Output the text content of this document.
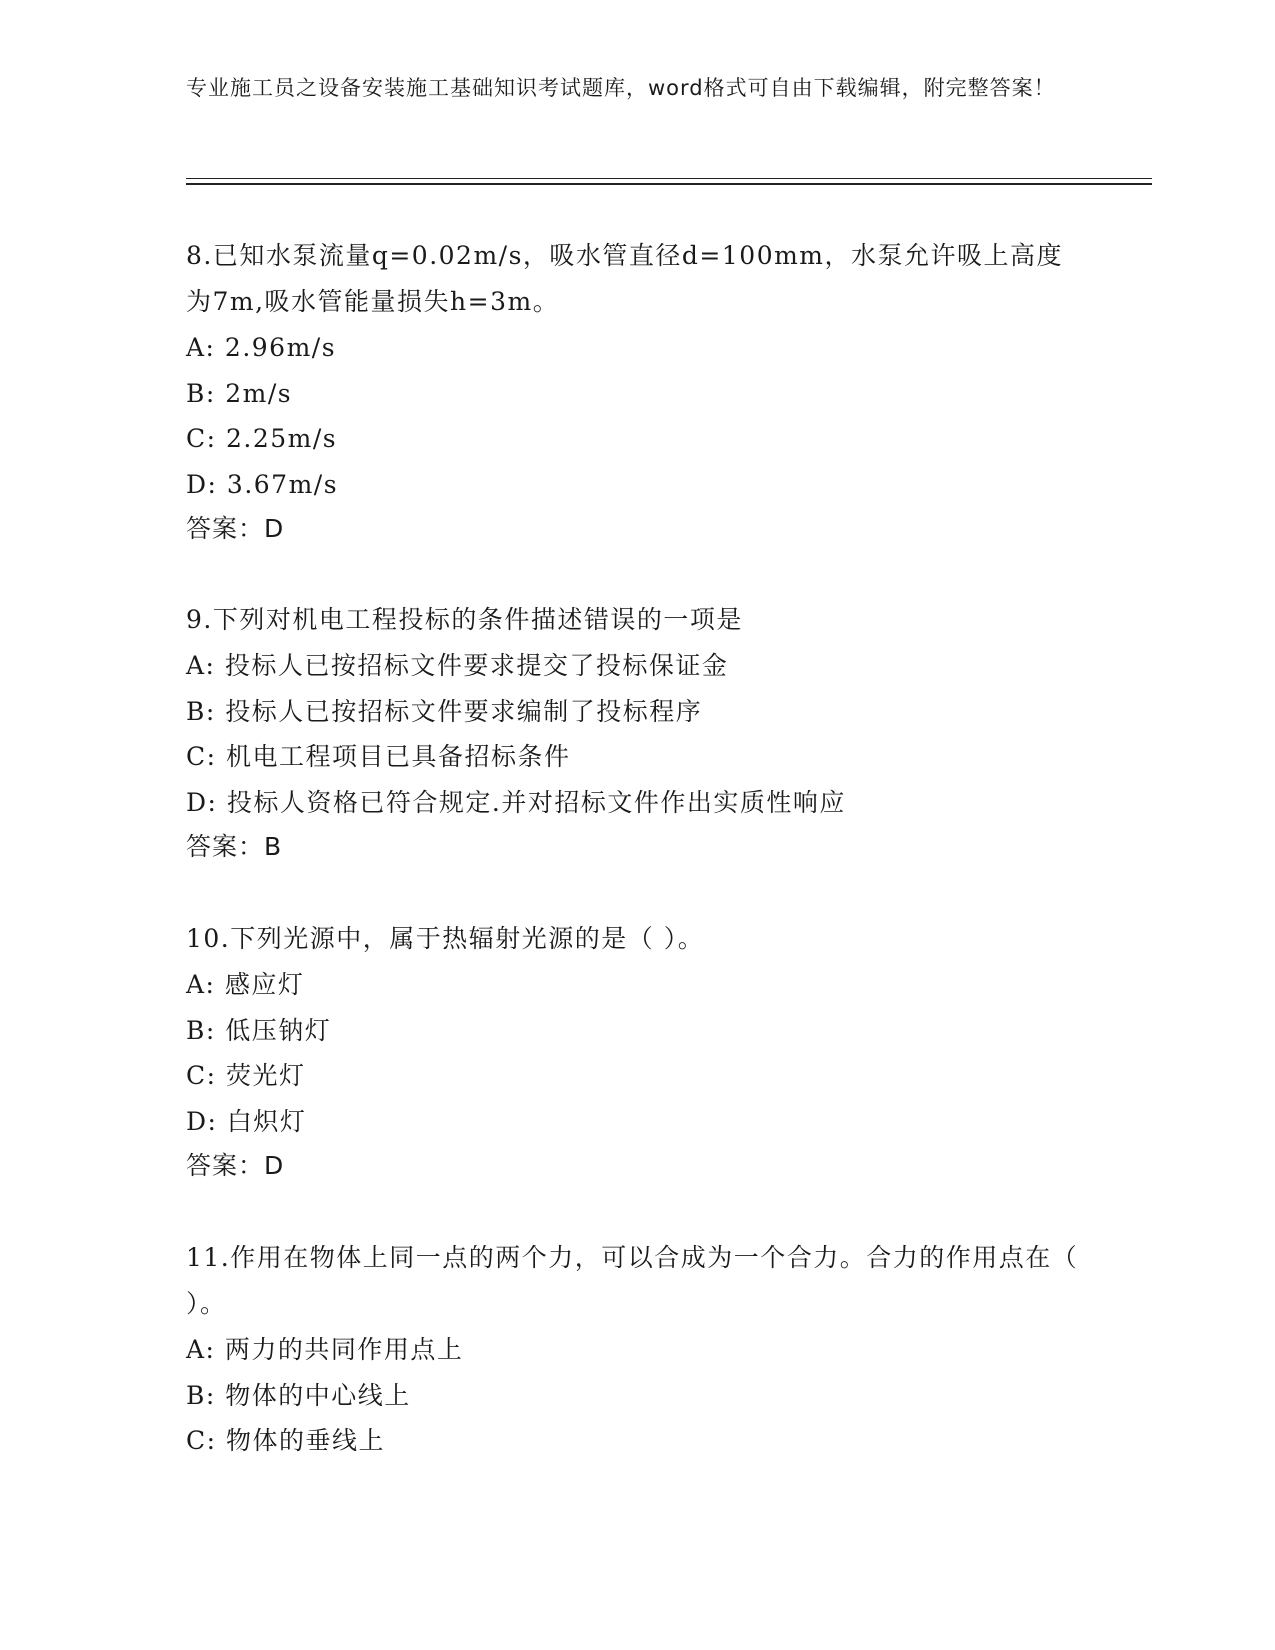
专业施工员之设备安装施工基础知识考试题库，word格式可自由下载编辑，附完整答案！
8.已知水泵流量q=0.02m/s，吸水管直径d=100mm，水泵允许吸上高度为7m,吸水管能量损失h=3m。
A: 2.96m/s
B: 2m/s
C: 2.25m/s
D: 3.67m/s
答案：D
9.下列对机电工程投标的条件描述错误的一项是
A: 投标人已按招标文件要求提交了投标保证金
B: 投标人已按招标文件要求编制了投标程序
C: 机电工程项目已具备招标条件
D: 投标人资格已符合规定.并对招标文件作出实质性响应
答案：B
10.下列光源中，属于热辐射光源的是（ ）。
A: 感应灯
B: 低压钠灯
C: 荧光灯
D: 白炽灯
答案：D
11.作用在物体上同一点的两个力，可以合成为一个合力。合力的作用点在（ ）。
A: 两力的共同作用点上
B: 物体的中心线上
C: 物体的垂线上
